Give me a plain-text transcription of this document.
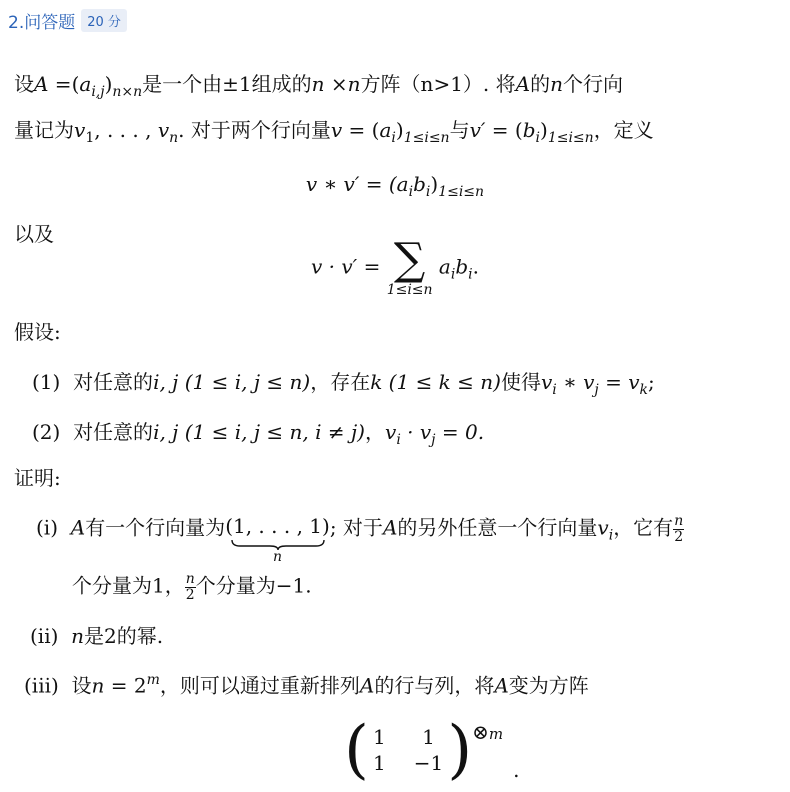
2.问答题 20 分
设$A =(a_{i,j})_{n\times n}$是一个由±1组成的n ×n方阵（n>1）. 将A的n个行向
量记为$v_1$, . . . , $v_n$. 对于两个行向量$v = (a_i)_{1\le i\le n}$与$v' = (b_i)_{1\le i\le n}$，定义
v ∗ $v' = (a_ib_i)_{1\le i\le n}$
以及
v · v′ = ∑
1≤i≤n
$a_ib_i$.
假设:
(1) 对任意的i, j (1 ≤ i, j ≤ n)，存在k (1 ≤ k ≤ n)使得$v_i$ ∗ $v_j = v_k$;
(2) 对任意的i, j (1 ≤ i, j ≤ n, i ≠ j)，$v_i \cdot v_j = 0$.
证明:
(i) A有一个行向量为 (1, . . . , 1)
n
; 对于A的另外任意一个行向量$v_i$，它有 $\frac{n}{2}$
个分量为1， $\frac{n}{2}$ 个分量为−1.
(ii) n是2的幂.
(iii) 设$n = 2^m$，则可以通过重新排列A的行与列，将A变为方阵
( 1	1
1 −1 ) ⊗m
.
